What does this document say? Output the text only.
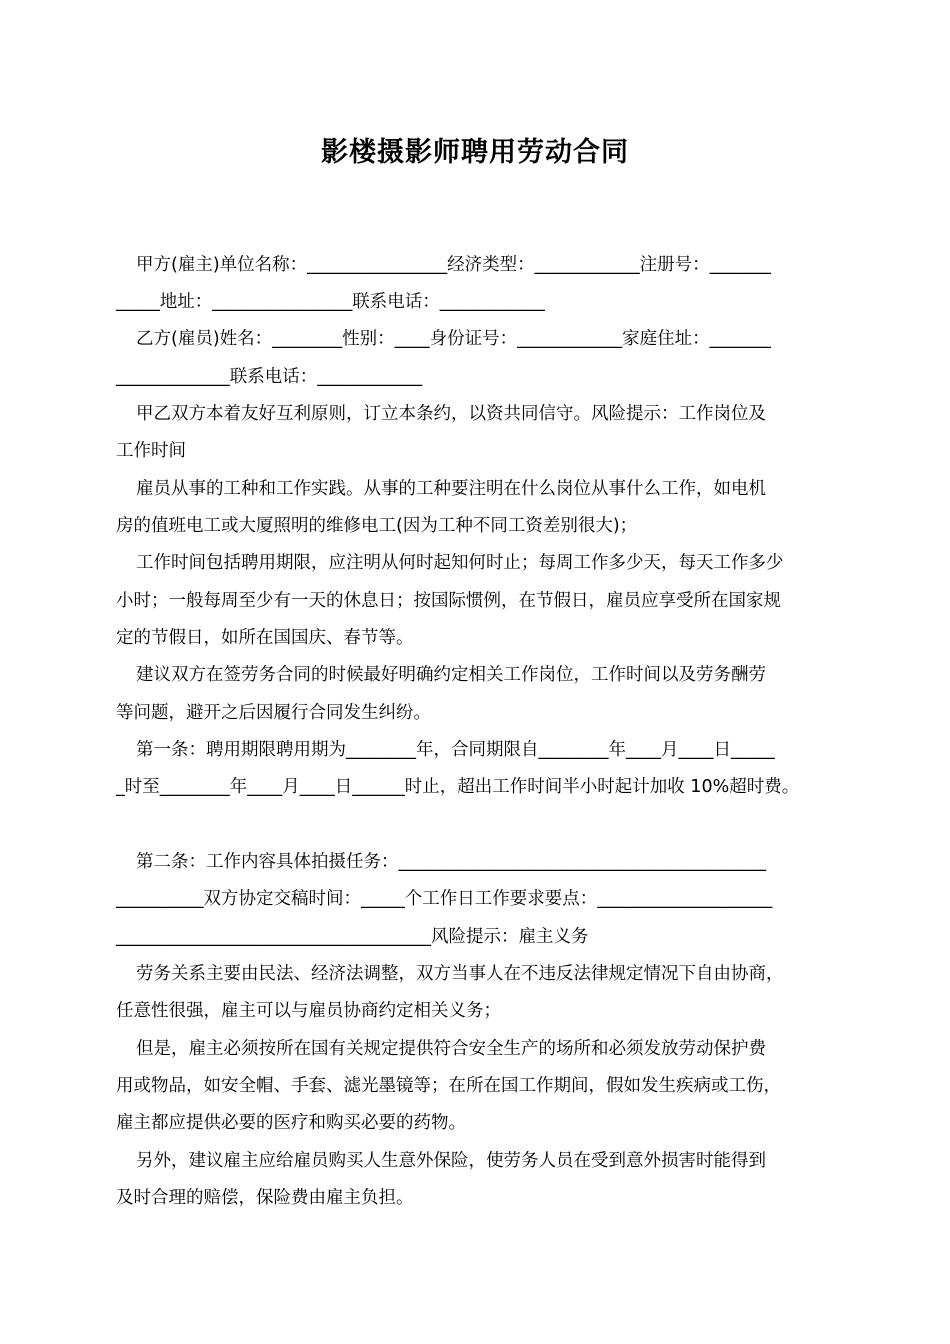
影楼摄影师聘用劳动合同
甲方(雇主)单位名称：________________经济类型：____________注册号：_______
_____地址：________________联系电话：____________
乙方(雇员)姓名：________性别：____身份证号：____________家庭住址：_______
_____________联系电话：____________
甲乙双方本着友好互利原则，订立本条约，以资共同信守。风险提示：工作岗位及
工作时间
雇员从事的工种和工作实践。从事的工种要注明在什么岗位从事什么工作，如电机
房的值班电工或大厦照明的维修电工(因为工种不同工资差别很大)；
工作时间包括聘用期限，应注明从何时起知何时止；每周工作多少天，每天工作多少
小时；一般每周至少有一天的休息日；按国际惯例，在节假日，雇员应享受所在国家规
定的节假日，如所在国国庆、春节等。
建议双方在签劳务合同的时候最好明确约定相关工作岗位，工作时间以及劳务酬劳
等问题，避开之后因履行合同发生纠纷。
第一条：聘用期限聘用期为________年，合同期限自________年____月____日_____
_时至________年____月____日______时止，超出工作时间半小时起计加收 10%超时费。
第二条：工作内容具体拍摄任务：__________________________________________
__________双方协定交稿时间：_____个工作日工作要求要点：____________________
____________________________________风险提示：雇主义务
劳务关系主要由民法、经济法调整，双方当事人在不违反法律规定情况下自由协商，
任意性很强，雇主可以与雇员协商约定相关义务；
但是，雇主必须按所在国有关规定提供符合安全生产的场所和必须发放劳动保护费
用或物品，如安全帽、手套、滤光墨镜等；在所在国工作期间，假如发生疾病或工伤，
雇主都应提供必要的医疗和购买必要的药物。
另外，建议雇主应给雇员购买人生意外保险，使劳务人员在受到意外损害时能得到
及时合理的赔偿，保险费由雇主负担。
